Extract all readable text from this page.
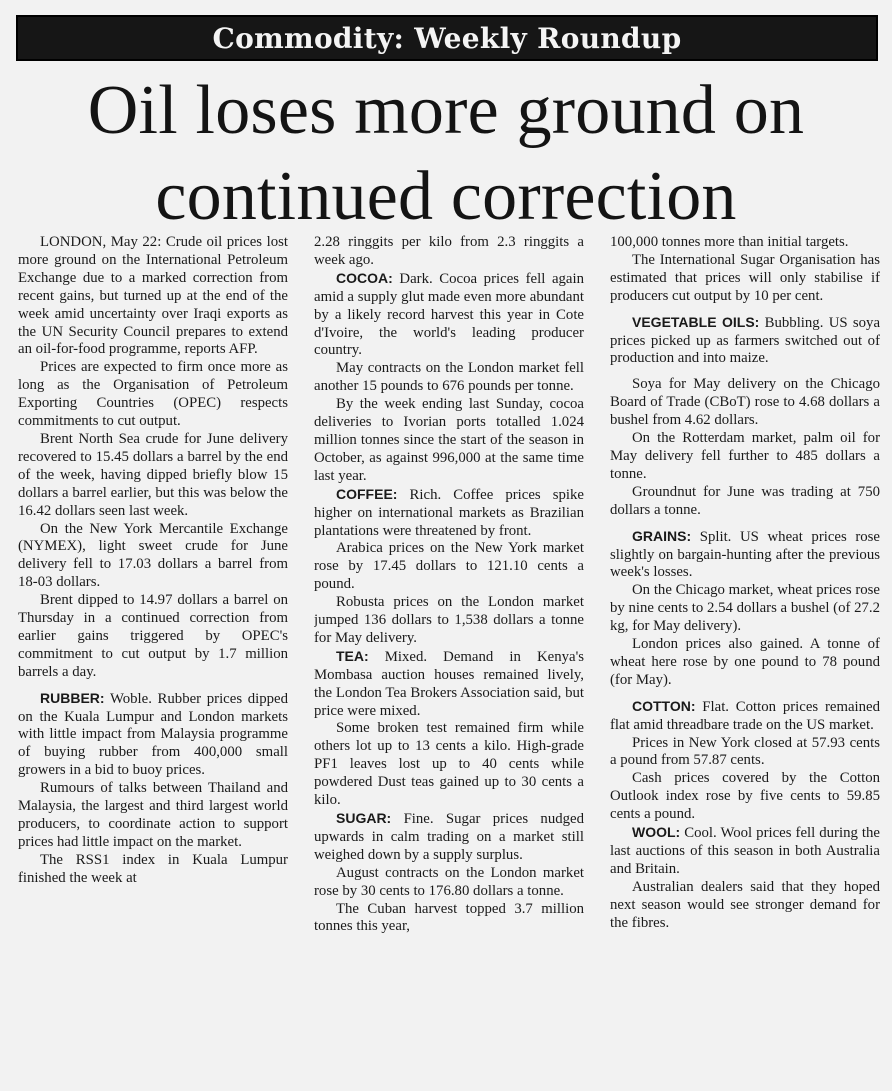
Commodity: Weekly Roundup
Oil loses more ground on
continued correction

LONDON, May 22: Crude oil prices lost more ground on the International Petroleum Exchange due to a marked correction from recent gains, but turned up at the end of the week amid uncertainty over Iraqi exports as the UN Security Council prepares to extend an oil-for-food programme, reports AFP.

Prices are expected to firm once more as long as the Organisation of Petroleum Exporting Countries (OPEC) respects commitments to cut output.

Brent North Sea crude for June delivery recovered to 15.45 dollars a barrel by the end of the week, having dipped briefly blow 15 dollars a barrel earlier, but this was below the 16.42 dollars seen last week.

On the New York Mercantile Exchange (NYMEX), light sweet crude for June delivery fell to 17.03 dollars a barrel from 18-03 dollars.

Brent dipped to 14.97 dollars a barrel on Thursday in a continued correction from earlier gains triggered by OPEC's commitment to cut output by 1.7 million barrels a day.

RUBBER: Woble. Rubber prices dipped on the Kuala Lumpur and London markets with little impact from Malaysia programme of buying rubber from 400,000 small growers in a bid to buoy prices.

Rumours of talks between Thailand and Malaysia, the largest and third largest world producers, to coordinate action to support prices had little impact on the market.

The RSS1 index in Kuala Lumpur finished the week at

2.28 ringgits per kilo from 2.3 ringgits a week ago.

COCOA: Dark. Cocoa prices fell again amid a supply glut made even more abundant by a likely record harvest this year in Cote d'Ivoire, the world's leading producer country.

May contracts on the London market fell another 15 pounds to 676 pounds per tonne.

By the week ending last Sunday, cocoa deliveries to Ivorian ports totalled 1.024 million tonnes since the start of the season in October, as against 996,000 at the same time last year.

COFFEE: Rich. Coffee prices spike higher on international markets as Brazilian plantations were threatened by front.

Arabica prices on the New York market rose by 17.45 dollars to 121.10 cents a pound.

Robusta prices on the London market jumped 136 dollars to 1,538 dollars a tonne for May delivery.

TEA: Mixed. Demand in Kenya's Mombasa auction houses remained lively, the London Tea Brokers Association said, but price were mixed.

Some broken test remained firm while others lot up to 13 cents a kilo. High-grade PF1 leaves lost up to 40 cents while powdered Dust teas gained up to 30 cents a kilo.

SUGAR: Fine. Sugar prices nudged upwards in calm trading on a market still weighed down by a supply surplus.

August contracts on the London market rose by 30 cents to 176.80 dollars a tonne.

The Cuban harvest topped 3.7 million tonnes this year,

100,000 tonnes more than initial targets.

The International Sugar Organisation has estimated that prices will only stabilise if producers cut output by 10 per cent.

VEGETABLE OILS: Bubbling. US soya prices picked up as farmers switched out of production and into maize.

Soya for May delivery on the Chicago Board of Trade (CBoT) rose to 4.68 dollars a bushel from 4.62 dollars.

On the Rotterdam market, palm oil for May delivery fell further to 485 dollars a tonne.

Groundnut for June was trading at 750 dollars a tonne.

GRAINS: Split. US wheat prices rose slightly on bargain-hunting after the previous week's losses.

On the Chicago market, wheat prices rose by nine cents to 2.54 dollars a bushel (of 27.2 kg, for May delivery).

London prices also gained. A tonne of wheat here rose by one pound to 78 pound (for May).

COTTON: Flat. Cotton prices remained flat amid threadbare trade on the US market.

Prices in New York closed at 57.93 cents a pound from 57.87 cents.

Cash prices covered by the Cotton Outlook index rose by five cents to 59.85 cents a pound.

WOOL: Cool. Wool prices fell during the last auctions of this season in both Australia and Britain.

Australian dealers said that they hoped next season would see stronger demand for the fibres.
